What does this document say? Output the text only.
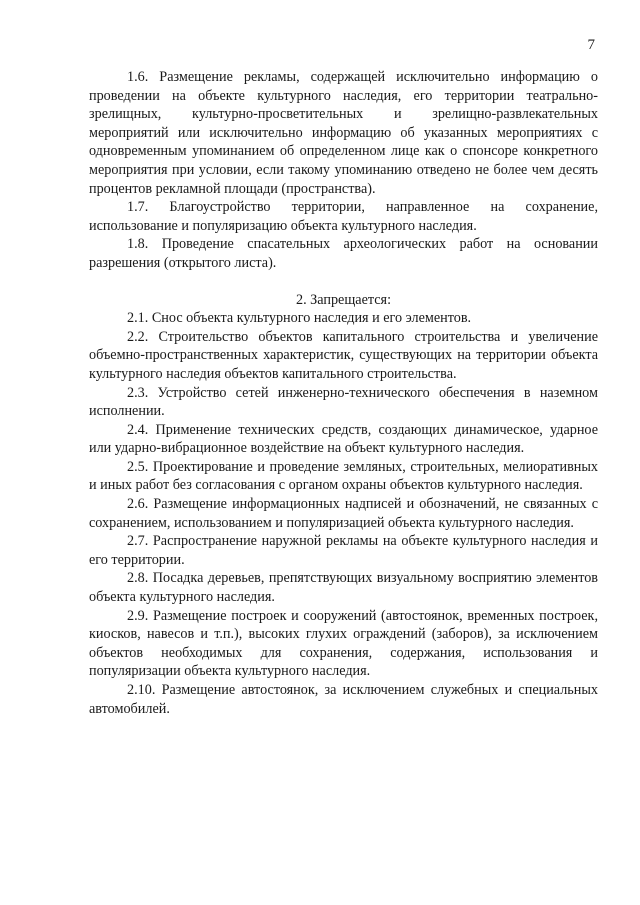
7

1.6. Размещение рекламы, содержащей исключительно информацию о проведении на объекте культурного наследия, его территории театрально-зрелищных, культурно-просветительных и зрелищно-развлекательных мероприятий или исключительно информацию об указанных мероприятиях с одновременным упоминанием об определенном лице как о спонсоре конкретного мероприятия при условии, если такому упоминанию отведено не более чем десять процентов рекламной площади (пространства).

1.7. Благоустройство территории, направленное на сохранение, использование и популяризацию объекта культурного наследия.

1.8. Проведение спасательных археологических работ на основании разрешения (открытого листа).

2. Запрещается:

2.1. Снос объекта культурного наследия и его элементов.

2.2. Строительство объектов капитального строительства и увеличение объемно-пространственных характеристик, существующих на территории объекта культурного наследия объектов капитального строительства.

2.3. Устройство сетей инженерно-технического обеспечения в наземном исполнении.

2.4. Применение технических средств, создающих динамическое, ударное или ударно-вибрационное воздействие на объект культурного наследия.

2.5. Проектирование и проведение земляных, строительных, мелиоративных и иных работ без согласования с органом охраны объектов культурного наследия.

2.6. Размещение информационных надписей и обозначений, не связанных с сохранением, использованием и популяризацией объекта культурного наследия.

2.7. Распространение наружной рекламы на объекте культурного наследия и его территории.

2.8. Посадка деревьев, препятствующих визуальному восприятию элементов объекта культурного наследия.

2.9. Размещение построек и сооружений (автостоянок, временных построек, киосков, навесов и т.п.), высоких глухих ограждений (заборов), за исключением объектов необходимых для сохранения, содержания, использования и популяризации объекта культурного наследия.

2.10. Размещение автостоянок, за исключением служебных и специальных автомобилей.
